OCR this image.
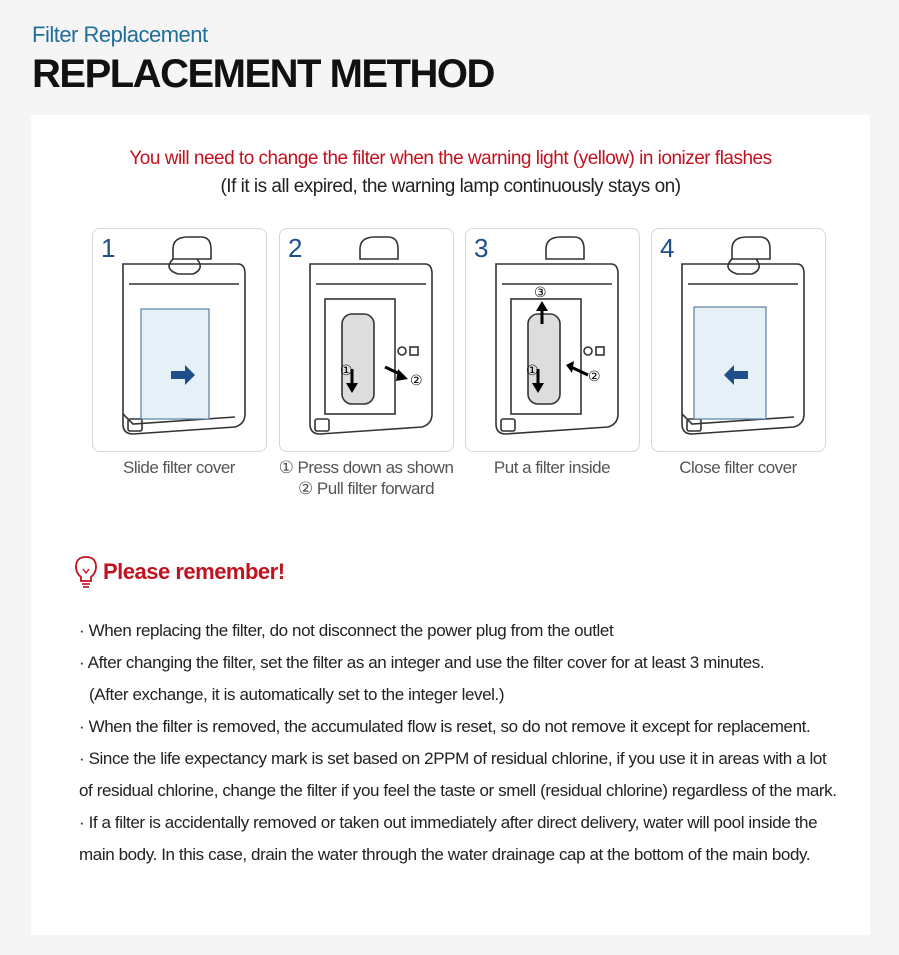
Filter Replacement
REPLACEMENT METHOD
You will need to change the filter when the warning light (yellow) in ionizer flashes
(If it is all expired, the warning lamp continuously stays on)
1
①
②
2
③
①	②
3	4
Slide filter cover	① Press down as shown
② Pull filter forward
Put a filter inside	Close filter cover
Please remember!
· When replacing the filter, do not disconnect the power plug from the outlet
· After changing the filter, set the filter as an integer and use the filter cover for at least 3 minutes.
(After exchange, it is automatically set to the integer level.)
· When the filter is removed, the accumulated flow is reset, so do not remove it except for replacement.
· Since the life expectancy mark is set based on 2PPM of residual chlorine, if you use it in areas with a lot
of residual chlorine, change the filter if you feel the taste or smell (residual chlorine) regardless of the mark.
· If a filter is accidentally removed or taken out immediately after direct delivery, water will pool inside the
main body. In this case, drain the water through the water drainage cap at the bottom of the main body.
